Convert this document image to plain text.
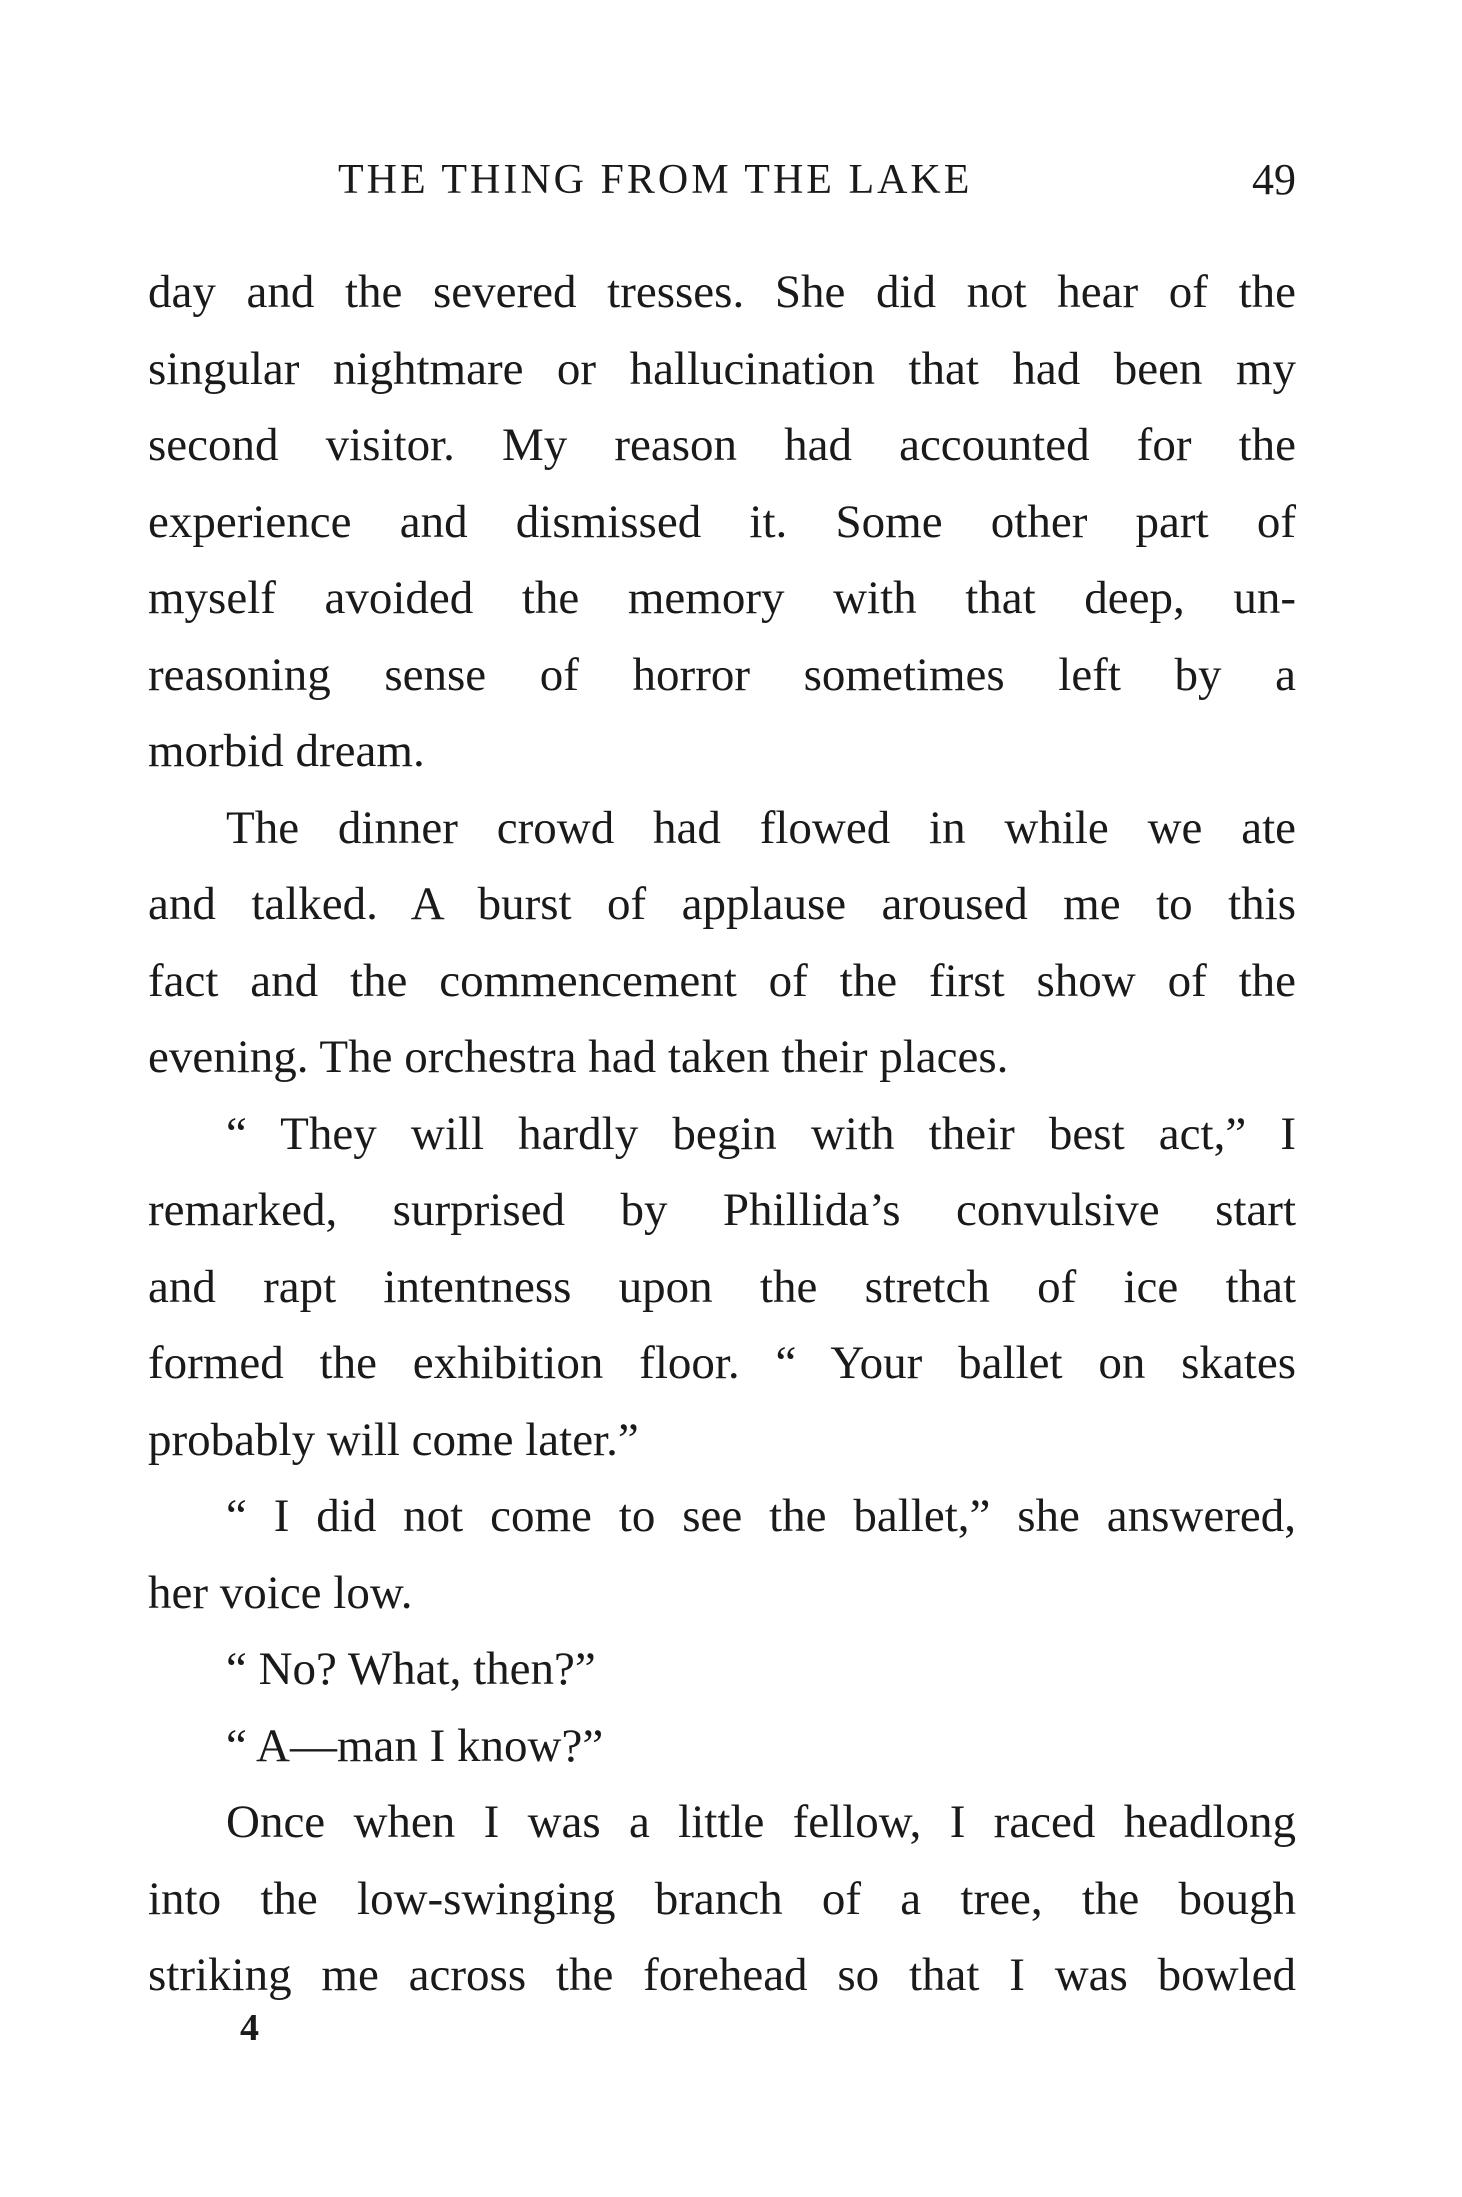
THE THING FROM THE LAKE	49
day and the severed tresses. She did not hear of the
singular nightmare or hallucination that had been my
second visitor. My reason had accounted for the
experience and dismissed it. Some other part of
myself avoided the memory with that deep, un-
reasoning sense of horror sometimes left by a
morbid dream.
The dinner crowd had flowed in while we ate
and talked. A burst of applause aroused me to this
fact and the commencement of the first show of the
evening. The orchestra had taken their places.
“ They will hardly begin with their best act,” I
remarked, surprised by Phillida’s convulsive start
and rapt intentness upon the stretch of ice that
formed the exhibition floor. “ Your ballet on skates
probably will come later.”
“ I did not come to see the ballet,” she answered,
her voice low.
“ No? What, then?”
“ A—man I know?”
Once when I was a little fellow, I raced headlong
into the low-swinging branch of a tree, the bough
striking me across the forehead so that I was bowled
4
